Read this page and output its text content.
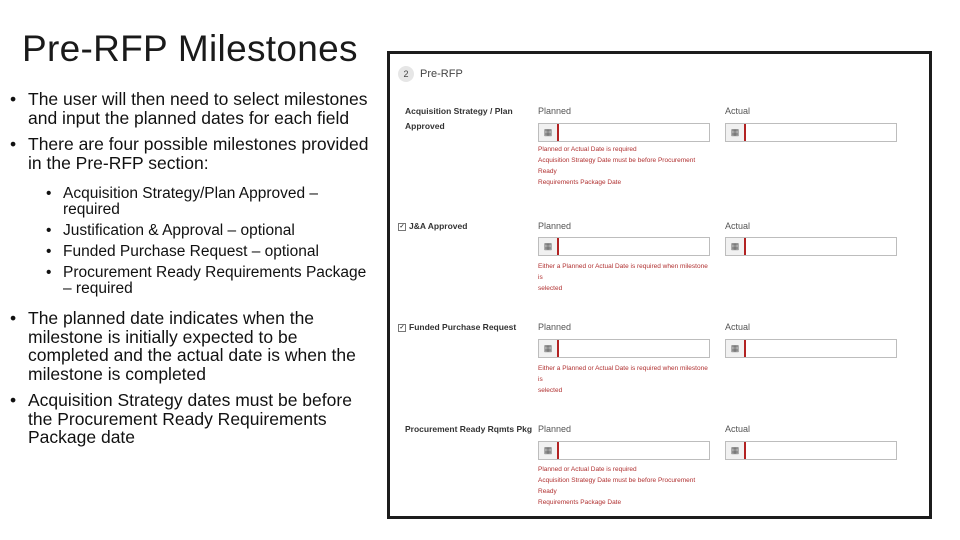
Pre-RFP Milestones
• The user will then need to select milestones and input the planned dates for each field
• There are four possible milestones provided in the Pre-RFP section:
• Acquisition Strategy/Plan Approved – required
• Justification & Approval – optional
• Funded Purchase Request – optional
• Procurement Ready Requirements Package – required
• The planned date indicates when the milestone is initially expected to be completed and the actual date is when the milestone is completed
• Acquisition Strategy dates must be before the Procurement Ready Requirements Package date
2	Pre-RFP
Acquisition Strategy / Plan
Approved
Planned	Actual
▦	▦
Planned or Actual Date is required
Acquisition Strategy Date must be before Procurement Ready
Requirements Package Date
✓ J&A Approved	Planned	Actual
▦	▦
Either a Planned or Actual Date is required when milestone is
selected
✓ Funded Purchase Request Planned	Actual
▦	▦
Either a Planned or Actual Date is required when milestone is
selected
Procurement Ready Rqmts Pkg Planned	Actual
▦	▦
Planned or Actual Date is required
Acquisition Strategy Date must be before Procurement Ready
Requirements Package Date
